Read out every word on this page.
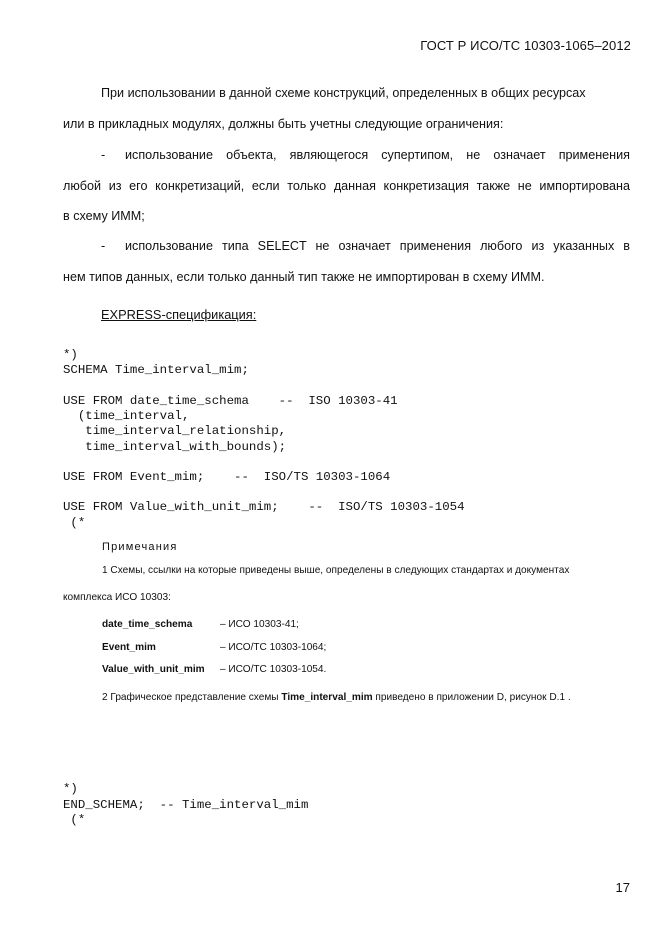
ГОСТ Р ИСО/ТС 10303-1065–2012
При использовании в данной схеме конструкций, определенных в общих ресурсах
или в прикладных модулях, должны быть учетны следующие ограничения:
-	использование объекта, являющегося супертипом, не означает применения
любой из его конкретизаций, если только данная конкретизация также не импортирована
в схему ИММ;
-	использование типа SELECT не означает применения любого из указанных в
нем типов данных, если только данный тип также не импортирован в схему ИММ.
EXPRESS-спецификация:
*)
SCHEMA Time_interval_mim;
USE FROM date_time_schema    --  ISO 10303-41
(time_interval,
time_interval_relationship,
time_interval_with_bounds);
USE FROM Event_mim;    --  ISO/TS 10303-1064
USE FROM Value_with_unit_mim;    --  ISO/TS 10303-1054
(*
Примечания
1 Схемы, ссылки на которые приведены выше, определены в следующих стандартах и документах
комплекса ИСО 10303:
date_time_schema	– ИСО 10303-41;
Event_mim	– ИСО/ТС 10303-1064;
Value_with_unit_mim	– ИСО/ТС 10303-1054.
2 Графическое представление схемы Time_interval_mim приведено в приложении D, рисунок D.1 .
*)
END_SCHEMA;  -- Time_interval_mim
(*
17
